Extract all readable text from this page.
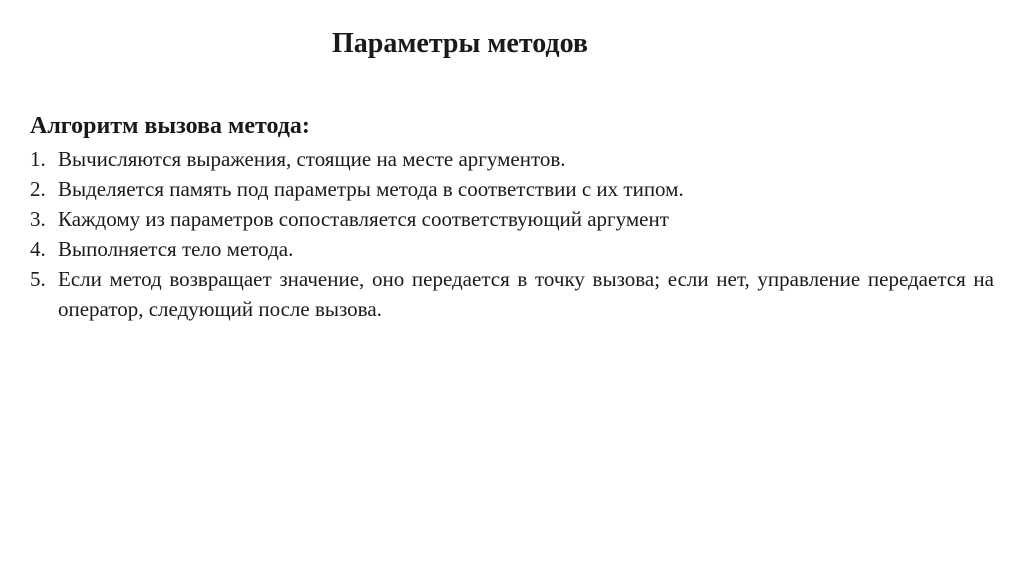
Параметры методов
Алгоритм вызова метода:
1. Вычисляются выражения, стоящие на месте аргументов.
2. Выделяется память под параметры метода в соответствии с их типом.
3. Каждому из параметров сопоставляется соответствующий аргумент
4. Выполняется тело метода.
5. Если метод возвращает значение, оно передается в точку вызова; если нет, управление передается на оператор, следующий после вызова.
